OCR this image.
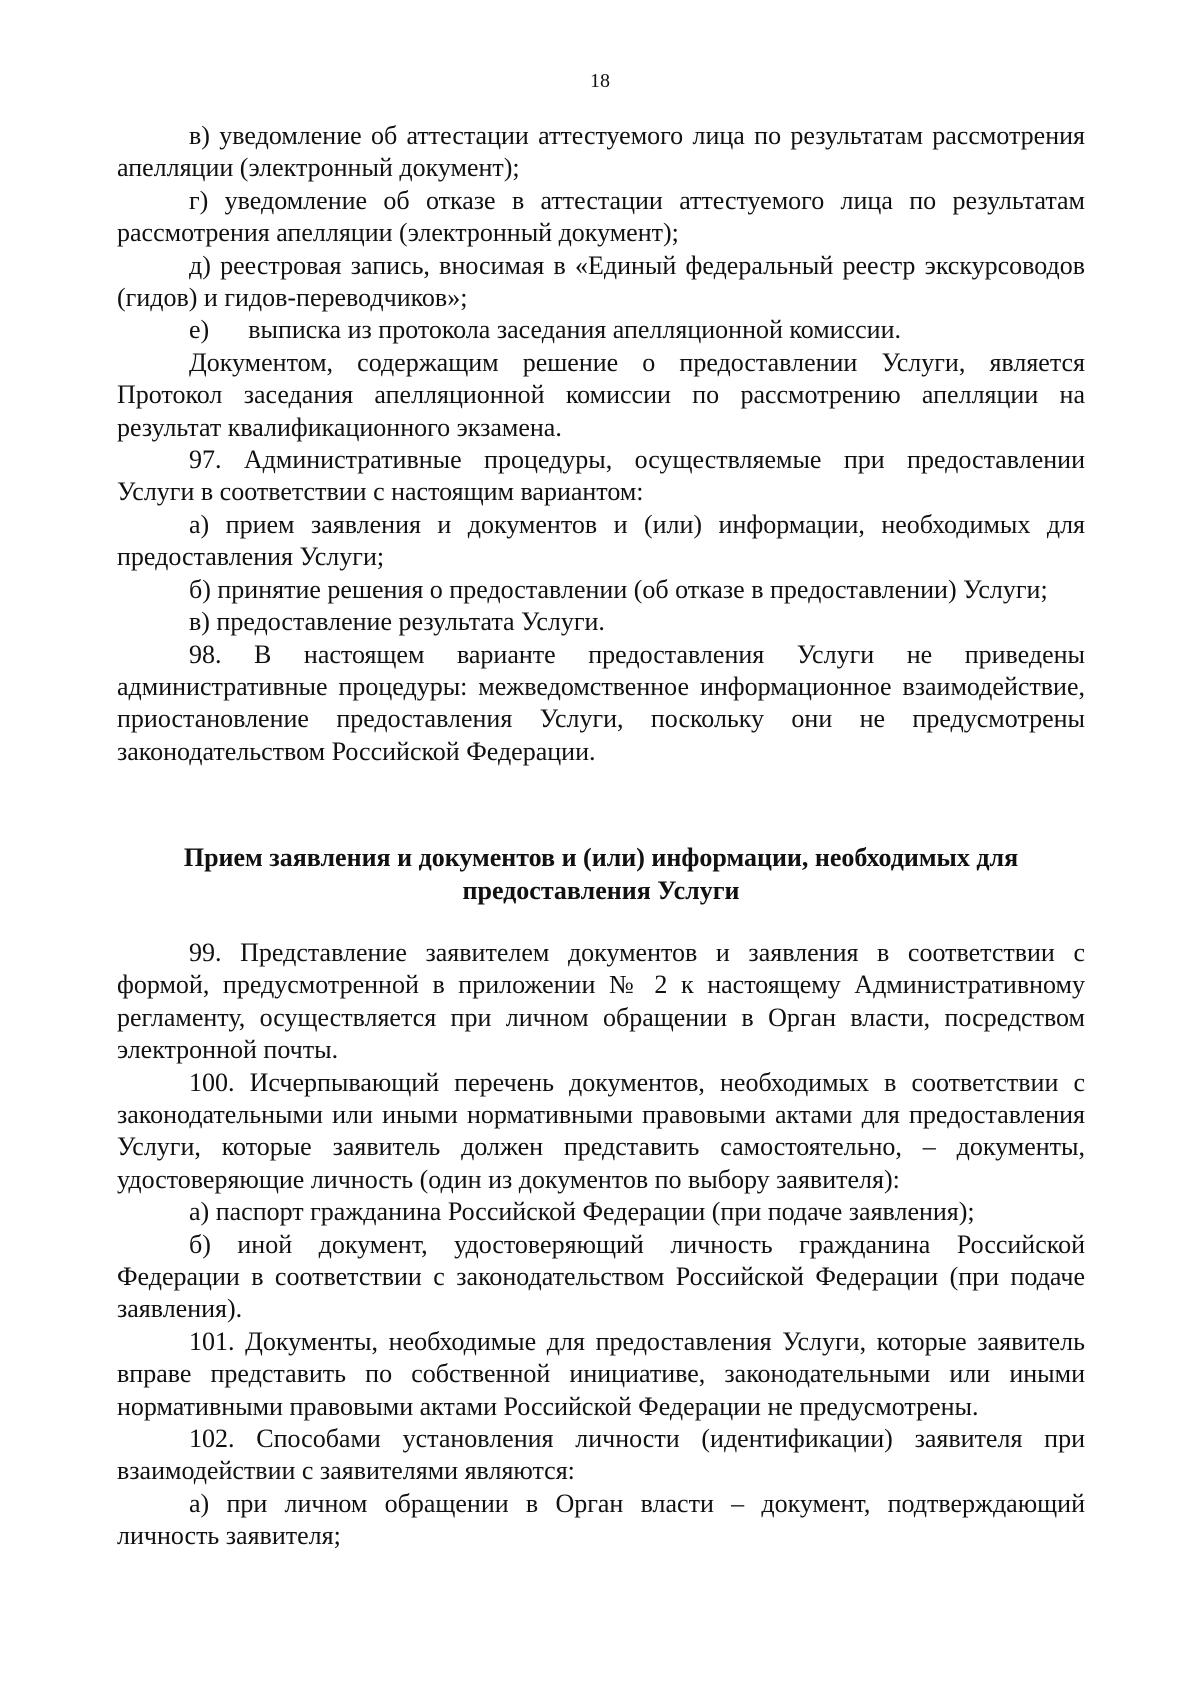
18

в) уведомление об аттестации аттестуемого лица по результатам рассмотрения апелляции (электронный документ);

г) уведомление об отказе в аттестации аттестуемого лица по результатам рассмотрения апелляции (электронный документ);

д) реестровая запись, вносимая в «Единый федеральный реестр экскурсоводов (гидов) и гидов-переводчиков»;

е)      выписка из протокола заседания апелляционной комиссии.

Документом, содержащим решение о предоставлении Услуги, является Протокол заседания апелляционной комиссии по рассмотрению апелляции на результат квалификационного экзамена.

97. Административные процедуры, осуществляемые при предоставлении Услуги в соответствии с настоящим вариантом:

а) прием заявления и документов и (или) информации, необходимых для предоставления Услуги;

б) принятие решения о предоставлении (об отказе в предоставлении) Услуги;

в) предоставление результата Услуги.

98. В настоящем варианте предоставления Услуги не приведены административные процедуры: межведомственное информационное взаимодействие, приостановление предоставления Услуги, поскольку они не предусмотрены законодательством Российской Федерации.

Прием заявления и документов и (или) информации, необходимых для
предоставления Услуги

99. Представление заявителем документов и заявления в соответствии с формой, предусмотренной в приложении № 2 к настоящему Административному регламенту, осуществляется при личном обращении в Орган власти, посредством электронной почты.

100. Исчерпывающий перечень документов, необходимых в соответствии с законодательными или иными нормативными правовыми актами для предоставления Услуги, которые заявитель должен представить самостоятельно, – документы, удостоверяющие личность (один из документов по выбору заявителя):

а) паспорт гражданина Российской Федерации (при подаче заявления);

б) иной документ, удостоверяющий личность гражданина Российской Федерации в соответствии с законодательством Российской Федерации (при подаче заявления).

101. Документы, необходимые для предоставления Услуги, которые заявитель вправе представить по собственной инициативе, законодательными или иными нормативными правовыми актами Российской Федерации не предусмотрены.

102. Способами установления личности (идентификации) заявителя при взаимодействии с заявителями являются:

а) при личном обращении в Орган власти – документ, подтверждающий личность заявителя;
